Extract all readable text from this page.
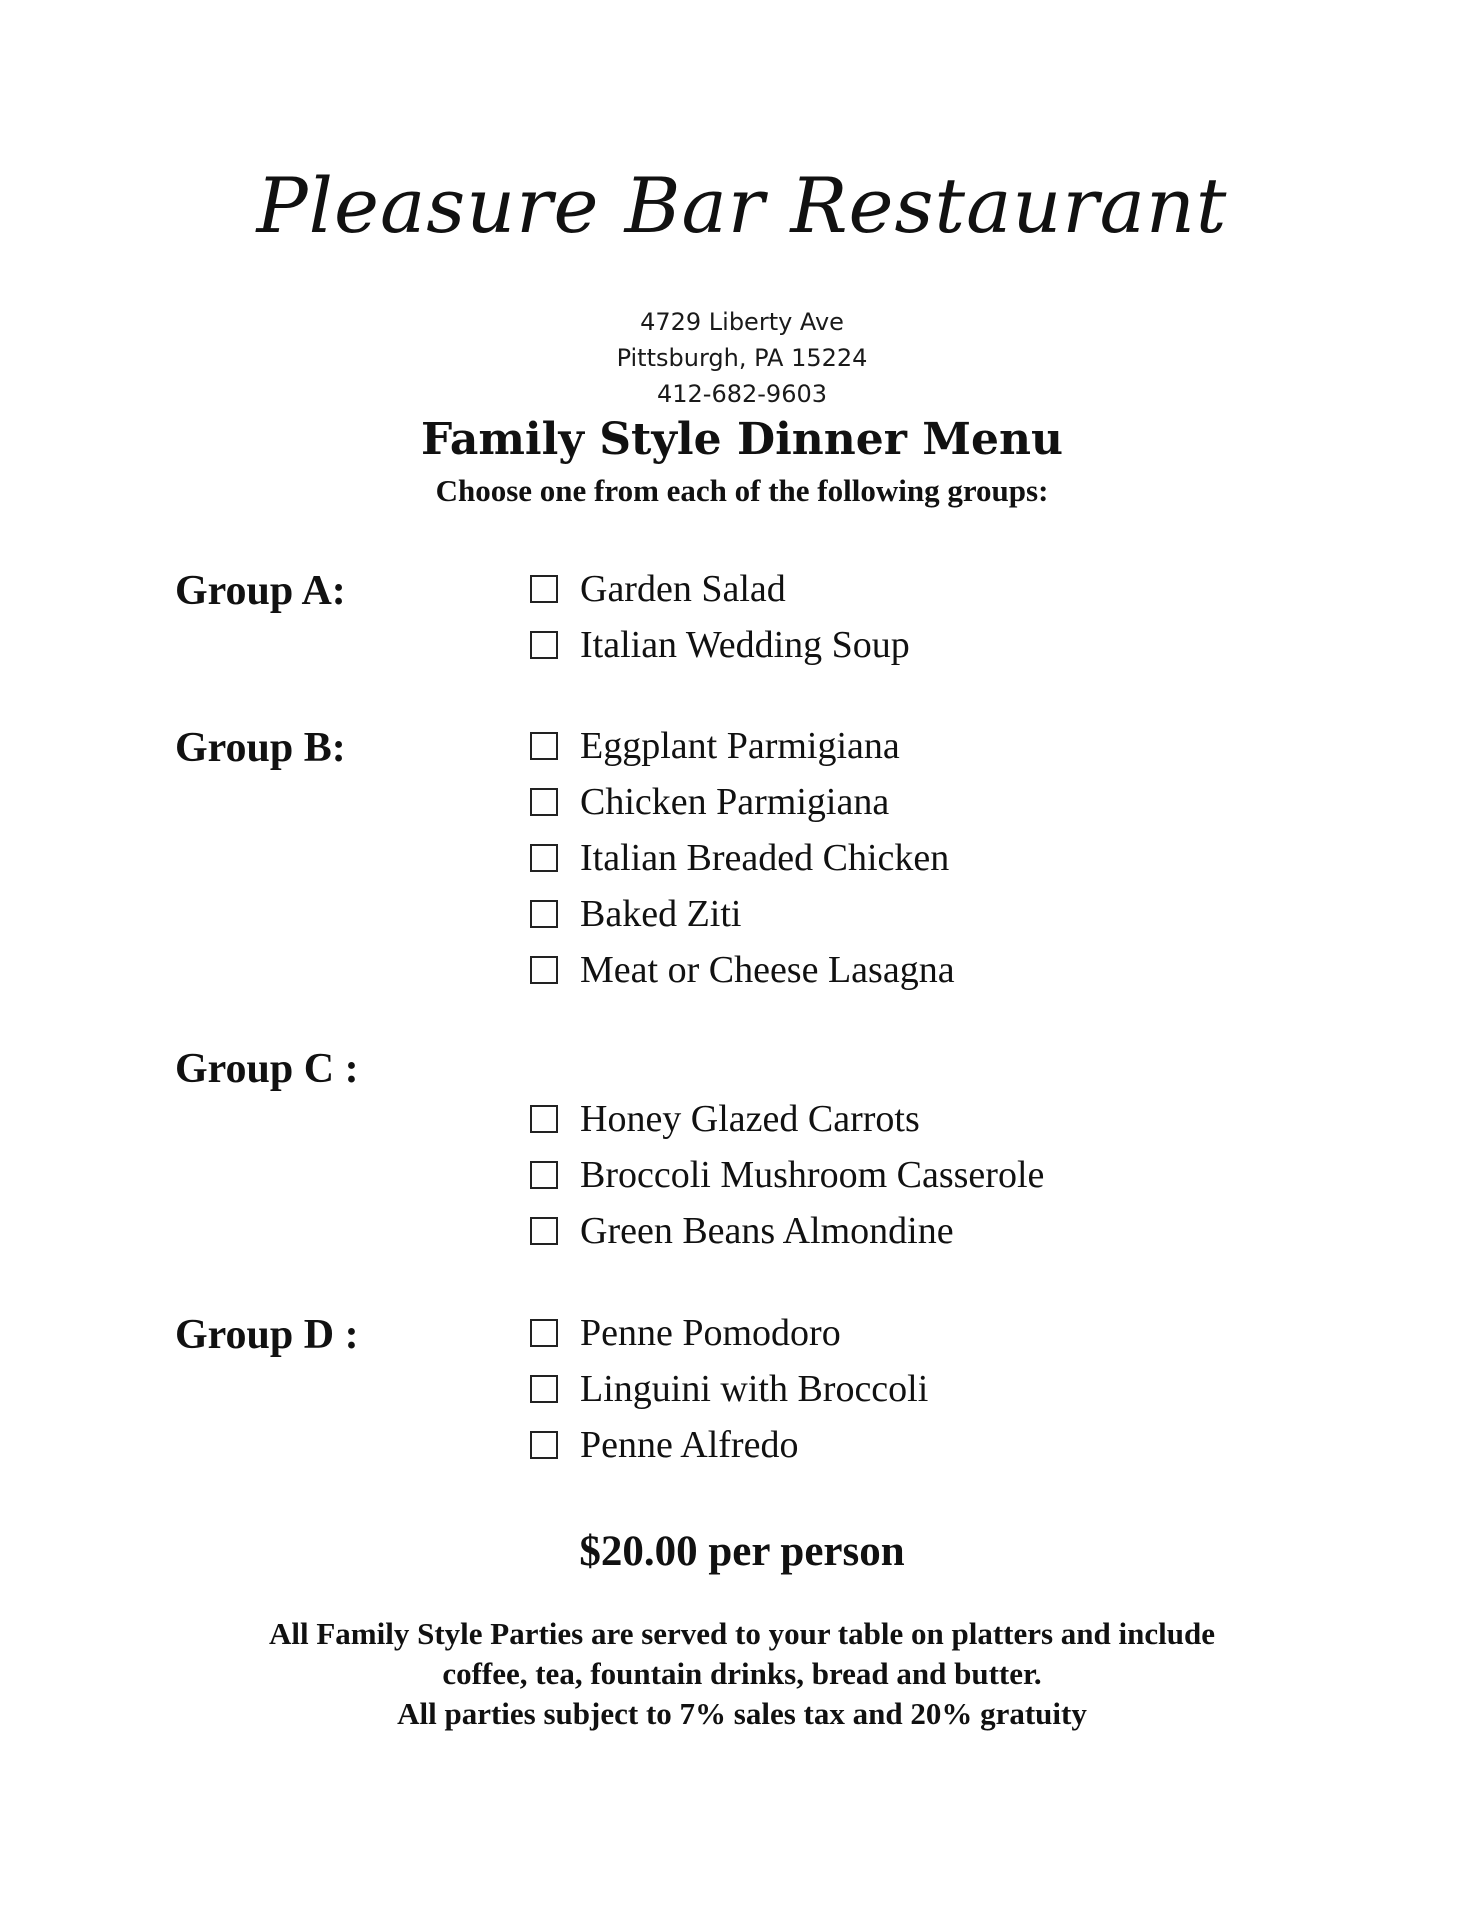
Pleasure Bar Restaurant
4729 Liberty Ave
Pittsburgh, PA 15224
412-682-9603
Family Style Dinner Menu
Choose one from each of the following groups:
Group A:	Garden Salad
Italian Wedding Soup
Group B:	Eggplant Parmigiana
Chicken Parmigiana
Italian Breaded Chicken
Baked Ziti
Meat or Cheese Lasagna
Group C :
Honey Glazed Carrots
Broccoli Mushroom Casserole
Green Beans Almondine
Group D :	Penne Pomodoro
Linguini with Broccoli
Penne Alfredo
$20.00 per person
All Family Style Parties are served to your table on platters and include
coffee, tea, fountain drinks, bread and butter.
All parties subject to 7% sales tax and 20% gratuity
